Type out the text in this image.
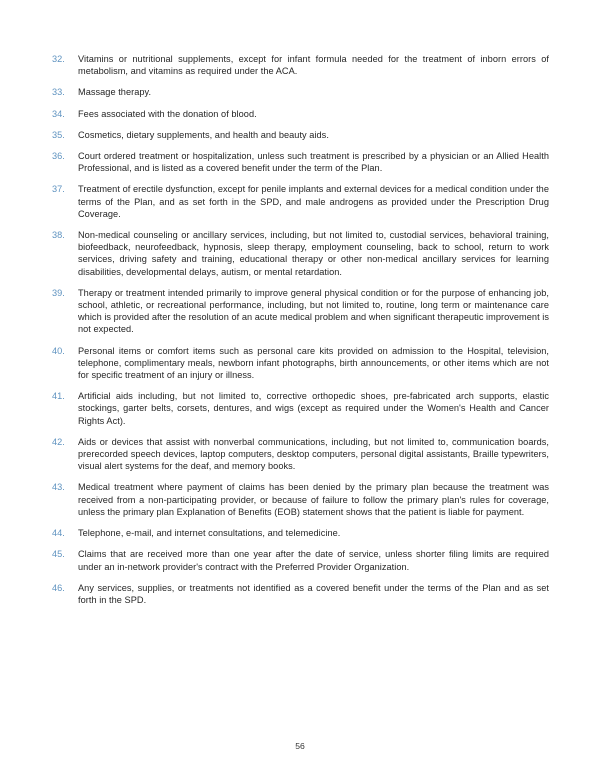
32.	Vitamins or nutritional supplements, except for infant formula needed for the treatment of inborn errors of metabolism, and vitamins as required under the ACA.
33.	Massage therapy.
34.	Fees associated with the donation of blood.
35.	Cosmetics, dietary supplements, and health and beauty aids.
36.	Court ordered treatment or hospitalization, unless such treatment is prescribed by a physician or an Allied Health Professional, and is listed as a covered benefit under the term of the Plan.
37.	Treatment of erectile dysfunction, except for penile implants and external devices for a medical condition under the terms of the Plan, and as set forth in the SPD, and male androgens as provided under the Prescription Drug Coverage.
38.	Non-medical counseling or ancillary services, including, but not limited to, custodial services, behavioral training, biofeedback, neurofeedback, hypnosis, sleep therapy, employment counseling, back to school, return to work services, driving safety and training, educational therapy or other non-medical ancillary services for learning disabilities, developmental delays, autism, or mental retardation.
39.	Therapy or treatment intended primarily to improve general physical condition or for the purpose of enhancing job, school, athletic, or recreational performance, including, but not limited to, routine, long term or maintenance care which is provided after the resolution of an acute medical problem and when significant therapeutic improvement is not expected.
40.	Personal items or comfort items such as personal care kits provided on admission to the Hospital, television, telephone, complimentary meals, newborn infant photographs, birth announcements, or other items which are not for specific treatment of an injury or illness.
41.	Artificial aids including, but not limited to, corrective orthopedic shoes, pre-fabricated arch supports, elastic stockings, garter belts, corsets, dentures, and wigs (except as required under the Women's Health and Cancer Rights Act).
42.	Aids or devices that assist with nonverbal communications, including, but not limited to, communication boards, prerecorded speech devices, laptop computers, desktop computers, personal digital assistants, Braille typewriters, visual alert systems for the deaf, and memory books.
43.	Medical treatment where payment of claims has been denied by the primary plan because the treatment was received from a non-participating provider, or because of failure to follow the primary plan's rules for coverage, unless the primary plan Explanation of Benefits (EOB) statement shows that the patient is liable for payment.
44.	Telephone, e-mail, and internet consultations, and telemedicine.
45.	Claims that are received more than one year after the date of service, unless shorter filing limits are required under an in-network provider's contract with the Preferred Provider Organization.
46.	Any services, supplies, or treatments not identified as a covered benefit under the terms of the Plan and as set forth in the SPD.
56
